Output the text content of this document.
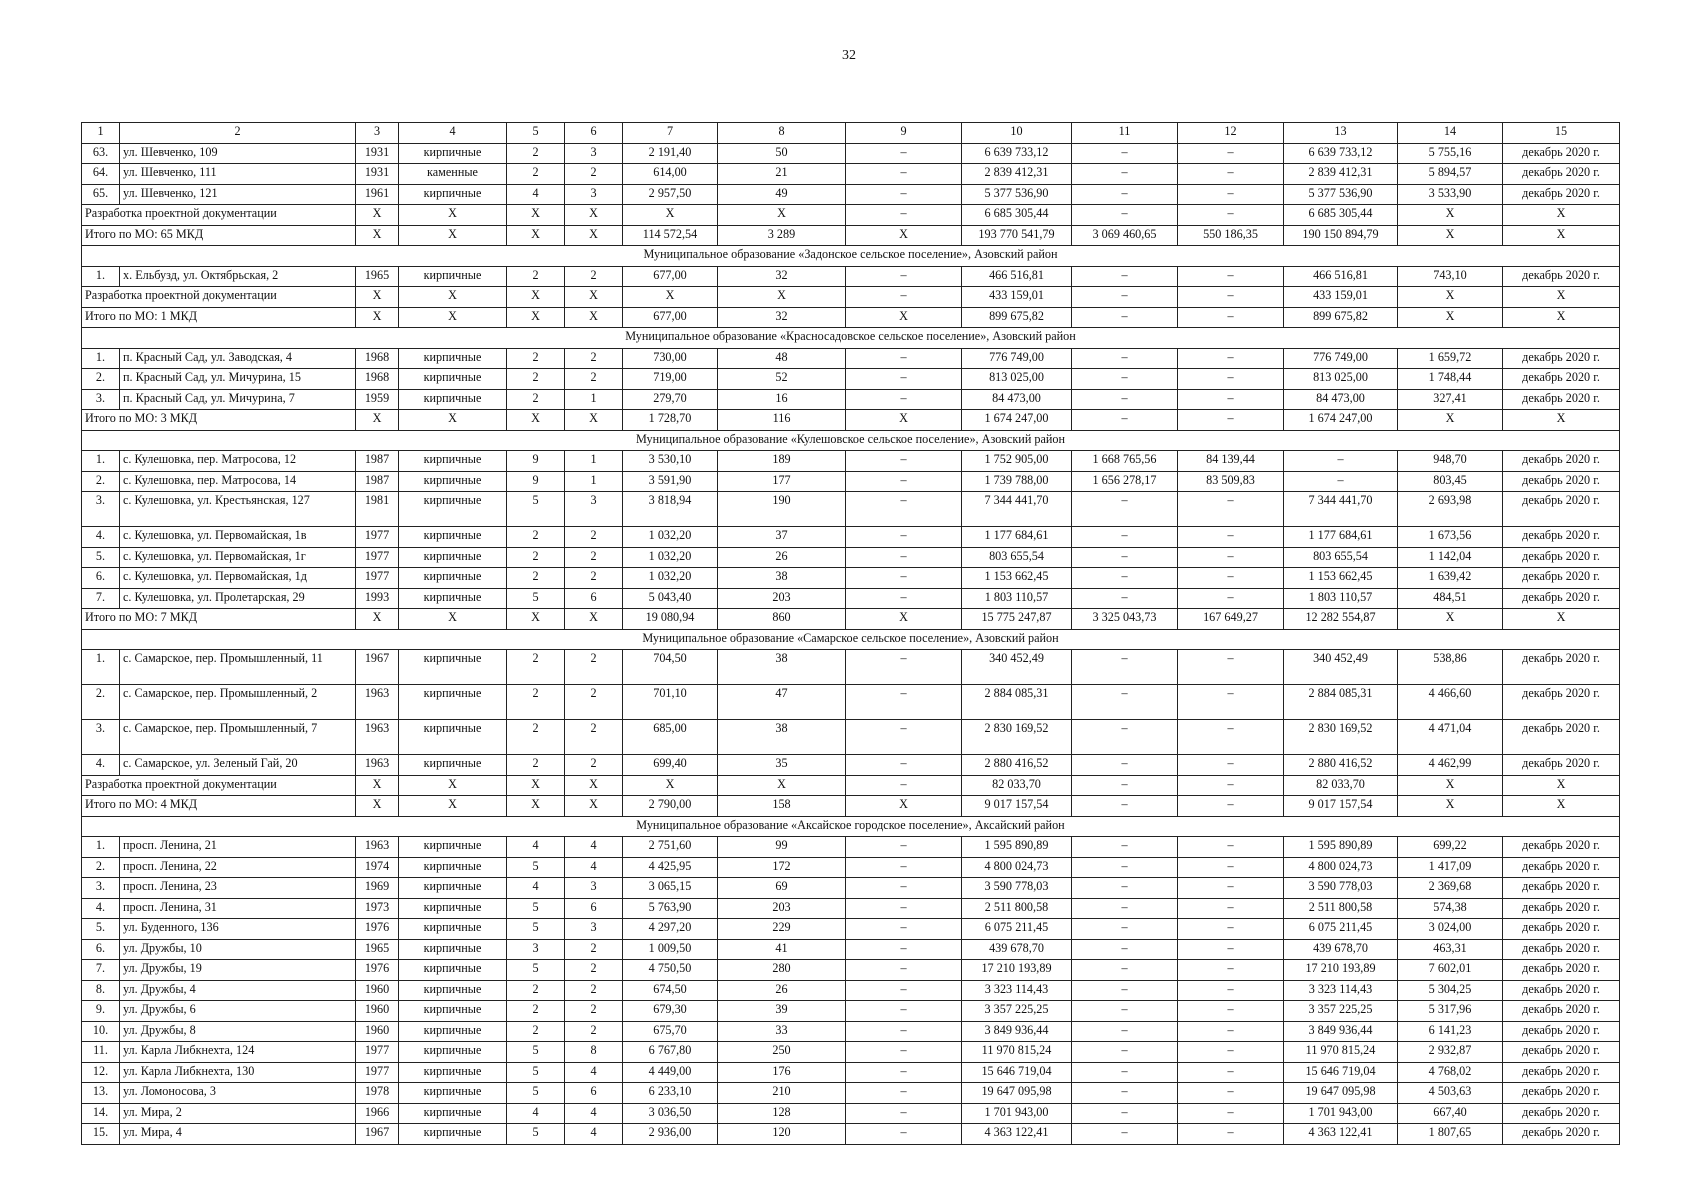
32
1	2	3	4	5	6	7	8	9	10	11	12	13	14	15
63.	ул. Шевченко, 109	1931	кирпичные	2	3	2 191,40	50	–	6 639 733,12	–	–	6 639 733,12	5 755,16	декабрь 2020 г.
64.	ул. Шевченко, 111	1931	каменные	2	2	614,00	21	–	2 839 412,31	–	–	2 839 412,31	5 894,57	декабрь 2020 г.
65.	ул. Шевченко, 121	1961	кирпичные	4	3	2 957,50	49	–	5 377 536,90	–	–	5 377 536,90	3 533,90	декабрь 2020 г.
Разработка проектной документации		X	X	X	X	X	X	–	6 685 305,44	–	–	6 685 305,44	X	X
Итого по МО: 65 МКД		X	X	X	X	114 572,54	3 289	X	193 770 541,79	3 069 460,65	550 186,35	190 150 894,79	X	X
Муниципальное образование «Задонское сельское поселение», Азовский район														
1.	х. Ельбузд, ул. Октябрьская, 2	1965	кирпичные	2	2	677,00	32	–	466 516,81	–	–	466 516,81	743,10	декабрь 2020 г.
Разработка проектной документации		X	X	X	X	X	X	–	433 159,01	–	–	433 159,01	X	X
Итого по МО: 1 МКД		X	X	X	X	677,00	32	X	899 675,82	–	–	899 675,82	X	X
Муниципальное образование «Красносадовское сельское поселение», Азовский район														
1.	п. Красный Сад, ул. Заводская, 4	1968	кирпичные	2	2	730,00	48	–	776 749,00	–	–	776 749,00	1 659,72	декабрь 2020 г.
2.	п. Красный Сад, ул. Мичурина, 15	1968	кирпичные	2	2	719,00	52	–	813 025,00	–	–	813 025,00	1 748,44	декабрь 2020 г.
3.	п. Красный Сад, ул. Мичурина, 7	1959	кирпичные	2	1	279,70	16	–	84 473,00	–	–	84 473,00	327,41	декабрь 2020 г.
Итого по МО: 3 МКД		X	X	X	X	1 728,70	116	X	1 674 247,00	–	–	1 674 247,00	X	X
Муниципальное образование «Кулешовское сельское поселение», Азовский район														
1.	с. Кулешовка, пер. Матросова, 12	1987	кирпичные	9	1	3 530,10	189	–	1 752 905,00	1 668 765,56	84 139,44	–	948,70	декабрь 2020 г.
2.	с. Кулешовка, пер. Матросова, 14	1987	кирпичные	9	1	3 591,90	177	–	1 739 788,00	1 656 278,17	83 509,83	–	803,45	декабрь 2020 г.
3.	с. Кулешовка, ул. Крестьянская, 127	1981	кирпичные	5	3	3 818,94	190	–	7 344 441,70	–	–	7 344 441,70	2 693,98	декабрь 2020 г.
4.	с. Кулешовка, ул. Первомайская, 1в	1977	кирпичные	2	2	1 032,20	37	–	1 177 684,61	–	–	1 177 684,61	1 673,56	декабрь 2020 г.
5.	с. Кулешовка, ул. Первомайская, 1г	1977	кирпичные	2	2	1 032,20	26	–	803 655,54	–	–	803 655,54	1 142,04	декабрь 2020 г.
6.	с. Кулешовка, ул. Первомайская, 1д	1977	кирпичные	2	2	1 032,20	38	–	1 153 662,45	–	–	1 153 662,45	1 639,42	декабрь 2020 г.
7.	с. Кулешовка, ул. Пролетарская, 29	1993	кирпичные	5	6	5 043,40	203	–	1 803 110,57	–	–	1 803 110,57	484,51	декабрь 2020 г.
Итого по МО: 7 МКД		X	X	X	X	19 080,94	860	X	15 775 247,87	3 325 043,73	167 649,27	12 282 554,87	X	X
Муниципальное образование «Самарское сельское поселение», Азовский район														
1.	с. Самарское, пер. Промышленный, 11	1967	кирпичные	2	2	704,50	38	–	340 452,49	–	–	340 452,49	538,86	декабрь 2020 г.
2.	с. Самарское, пер. Промышленный, 2	1963	кирпичные	2	2	701,10	47	–	2 884 085,31	–	–	2 884 085,31	4 466,60	декабрь 2020 г.
3.	с. Самарское, пер. Промышленный, 7	1963	кирпичные	2	2	685,00	38	–	2 830 169,52	–	–	2 830 169,52	4 471,04	декабрь 2020 г.
4.	с. Самарское, ул. Зеленый Гай, 20	1963	кирпичные	2	2	699,40	35	–	2 880 416,52	–	–	2 880 416,52	4 462,99	декабрь 2020 г.
Разработка проектной документации		X	X	X	X	X	X	–	82 033,70	–	–	82 033,70	X	X
Итого по МО: 4 МКД		X	X	X	X	2 790,00	158	X	9 017 157,54	–	–	9 017 157,54	X	X
Муниципальное образование «Аксайское городское поселение», Аксайский район														
1.	просп. Ленина, 21	1963	кирпичные	4	4	2 751,60	99	–	1 595 890,89	–	–	1 595 890,89	699,22	декабрь 2020 г.
2.	просп. Ленина, 22	1974	кирпичные	5	4	4 425,95	172	–	4 800 024,73	–	–	4 800 024,73	1 417,09	декабрь 2020 г.
3.	просп. Ленина, 23	1969	кирпичные	4	3	3 065,15	69	–	3 590 778,03	–	–	3 590 778,03	2 369,68	декабрь 2020 г.
4.	просп. Ленина, 31	1973	кирпичные	5	6	5 763,90	203	–	2 511 800,58	–	–	2 511 800,58	574,38	декабрь 2020 г.
5.	ул. Буденного, 136	1976	кирпичные	5	3	4 297,20	229	–	6 075 211,45	–	–	6 075 211,45	3 024,00	декабрь 2020 г.
6.	ул. Дружбы, 10	1965	кирпичные	3	2	1 009,50	41	–	439 678,70	–	–	439 678,70	463,31	декабрь 2020 г.
7.	ул. Дружбы, 19	1976	кирпичные	5	2	4 750,50	280	–	17 210 193,89	–	–	17 210 193,89	7 602,01	декабрь 2020 г.
8.	ул. Дружбы, 4	1960	кирпичные	2	2	674,50	26	–	3 323 114,43	–	–	3 323 114,43	5 304,25	декабрь 2020 г.
9.	ул. Дружбы, 6	1960	кирпичные	2	2	679,30	39	–	3 357 225,25	–	–	3 357 225,25	5 317,96	декабрь 2020 г.
10.	ул. Дружбы, 8	1960	кирпичные	2	2	675,70	33	–	3 849 936,44	–	–	3 849 936,44	6 141,23	декабрь 2020 г.
11.	ул. Карла Либкнехта, 124	1977	кирпичные	5	8	6 767,80	250	–	11 970 815,24	–	–	11 970 815,24	2 932,87	декабрь 2020 г.
12.	ул. Карла Либкнехта, 130	1977	кирпичные	5	4	4 449,00	176	–	15 646 719,04	–	–	15 646 719,04	4 768,02	декабрь 2020 г.
13.	ул. Ломоносова, 3	1978	кирпичные	5	6	6 233,10	210	–	19 647 095,98	–	–	19 647 095,98	4 503,63	декабрь 2020 г.
14.	ул. Мира, 2	1966	кирпичные	4	4	3 036,50	128	–	1 701 943,00	–	–	1 701 943,00	667,40	декабрь 2020 г.
15.	ул. Мира, 4	1967	кирпичные	5	4	2 936,00	120	–	4 363 122,41	–	–	4 363 122,41	1 807,65	декабрь 2020 г.
